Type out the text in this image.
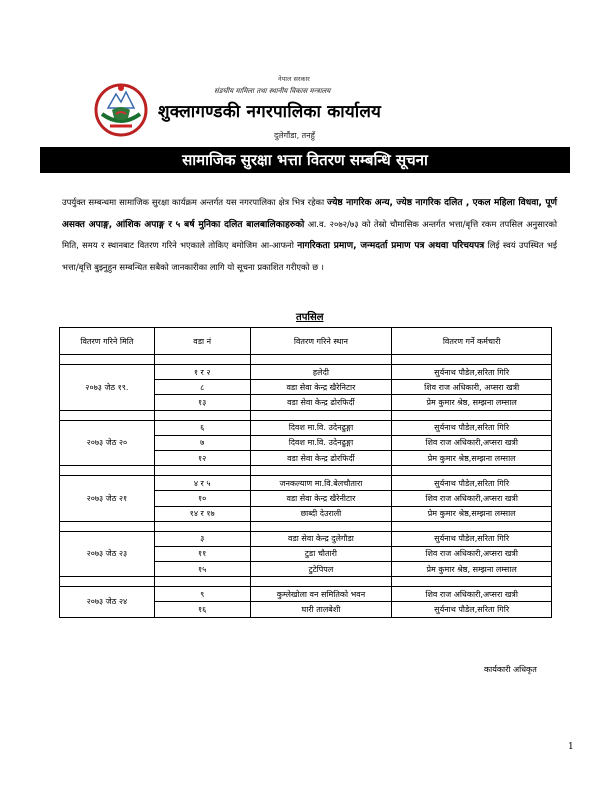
नेपाल सरकार
संङघीय मामिला तथा स्थानीय विकास मन्त्रालय
शुक्लागण्डकी नगरपालिका कार्यालय
दुलेगौंडा, तनहुँ
सामाजिक सुरक्षा भत्ता वितरण सम्बन्धि सूचना
उपर्युक्त सम्बन्धमा सामाजिक सुरक्षा कार्यक्रम अन्तर्गत यस नगरपालिका क्षेत्र भित्र रहेका ज्येष्ठ नागरिक अन्य, ज्येष्ठ नागरिक दलित , एकल महिला विधवा, पूर्ण असक्त अपाङ्ग, आंशिक अपाङ्ग र ५ बर्ष मुनिका दलित बालबालिकाहरुको आ.व. २०७२/७३ को तेस्रो चौमासिक अन्तर्गत भत्ता/बृत्ति रकम तपसिल अनुसारको मिति, समय र स्थानबाट वितरण गरिने भएकाले तोकिए बमोजिम आ-आफनो नागरिकता प्रमाण, जन्मदर्ता प्रमाण पत्र अथवा परिचयपत्र लिई स्वयं उपस्थित भई भत्ता/बृत्ति बुझ्नुहुन सम्बन्धित सबैको जानकारीका लागि यो सूचना प्रकाशित गरीएको छ ।
तपसिल
वितरण गरिने मिति	वडा नं	वितरण गरिने स्थान	वितरण गर्ने कर्मचारी

२०७३ जेठ १९.	१ र २	हलेदी	सुर्यनाथ पौडेल,सरिता गिरि
	८	वडा सेवा केन्द्र खैरेनिटार	शिव राज अधिकारी, अप्सरा खत्री
	१३	वडा सेवा केन्द्र ढोरफिर्दी	प्रेम कुमार श्रेष्ठ, सम्झना लम्साल

२०७३ जेठ २०	६	दिवश मा.वि. उदेनढुङ्गा	सुर्यनाथ पौडेल,सरिता गिरि
	७	दिवश मा.वि. उदेनढुङ्गा	शिव राज अधिकारी,अप्सरा खत्री
	१२	वडा सेवा केन्द्र ढोरफिर्दी	प्रेम कुमार श्रेष्ठ,सम्झना लम्साल

२०७३ जेठ २१	४ र ५	जनकल्याण मा.वि.बेलचौतारा	सुर्यनाथ पौडेल,सरिता गिरि
	१०	वडा सेवा केन्द्र खैरेनीटार	शिव राज अधिकारी,अप्सरा खत्री
	१४ र १७	छाब्दी देउराली	प्रेम कुमार श्रेष्ठ,सम्झना लम्साल

२०७३ जेठ २३	३	वडा सेवा केन्द्र दुलेगौडा	सुर्यनाथ पौडेल,सरिता गिरि
	११	टुडा चौतारी	शिव राज अधिकारी,अप्सरा खत्री
	१५	टुटेपिपल	प्रेम कुमार श्रेष्ठ, सम्झना लम्साल

२०७३ जेठ २४	९	कुम्लेखोला वन समितिको भवन	शिव राज अधिकारी,अप्सरा खत्री
	१६	घारी तालबेशी	सुर्यनाथ पौडेल,सरिता गिरि
कार्यकारी अधिकृत
1
